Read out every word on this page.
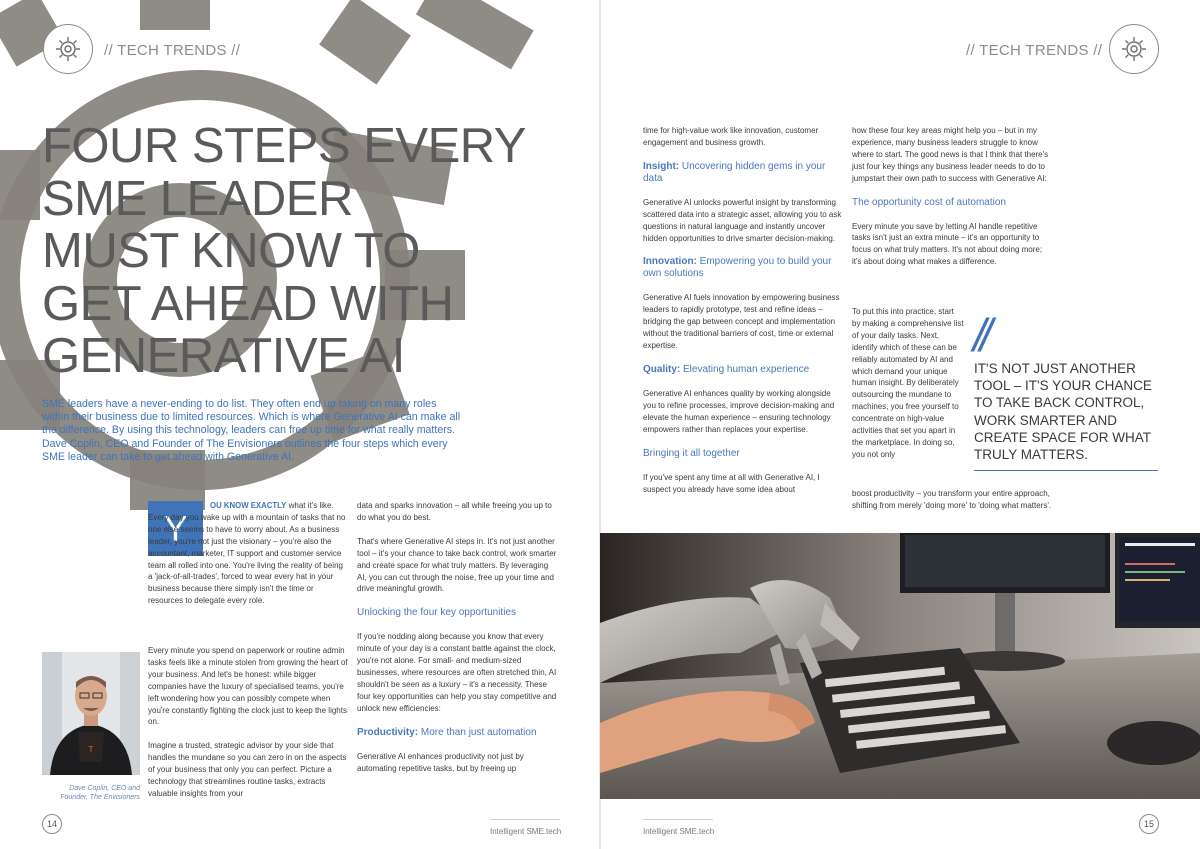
// TECH TRENDS //	// TECH TRENDS //
FOUR STEPS EVERY
SME LEADER
MUST KNOW TO
GET AHEAD WITH
GENERATIVE AI

SME leaders have a never-ending to do list. They often end up taking on many roles within their business due to limited resources. Which is where Generative AI can make all the difference. By using this technology, leaders can free up time for what really matters. Dave Coplin, CEO and Founder of The Envisioners outlines the four steps which every SME leader can take to get ahead with Generative AI.

Y

OU KNOW EXACTLY what it's like. Every day you wake up with a mountain of tasks that no one else seems to have to worry about. As a business leader, you're not just the visionary – you're also the accountant, marketer, IT support and customer service team all rolled into one. You're living the reality of being a 'jack-of-all-trades', forced to wear every hat in your business because there simply isn't the time or resources to delegate every role.

Every minute you spend on paperwork or routine admin tasks feels like a minute stolen from growing the heart of your business. And let's be honest: while bigger companies have the luxury of specialised teams, you're left wondering how you can possibly compete when you're constantly fighting the clock just to keep the lights on.

Imagine a trusted, strategic advisor by your side that handles the mundane so you can zero in on the aspects of your business that only you can perfect. Picture a technology that streamlines routine tasks, extracts valuable insights from your

T
Dave Coplin, CEO and Founder, The Envisioners

data and sparks innovation – all while freeing you up to do what you do best.

That's where Generative AI steps in. It's not just another tool – it's your chance to take back control, work smarter and create space for what truly matters. By leveraging AI, you can cut through the noise, free up your time and drive meaningful growth.

Unlocking the four key opportunities

If you're nodding along because you know that every minute of your day is a constant battle against the clock, you're not alone. For small- and medium-sized businesses, where resources are often stretched thin, AI shouldn't be seen as a luxury – it's a necessity. These four key opportunities can help you stay competitive and unlock new efficiencies:

Productivity: More than just automation

Generative AI enhances productivity not just by automating repetitive tasks, but by freeing up

time for high-value work like innovation, customer engagement and business growth.

Insight: Uncovering hidden gems in your data

Generative AI unlocks powerful insight by transforming scattered data into a strategic asset, allowing you to ask questions in natural language and instantly uncover hidden opportunities to drive smarter decision-making.

Innovation: Empowering you to build your own solutions

Generative AI fuels innovation by empowering business leaders to rapidly prototype, test and refine ideas – bridging the gap between concept and implementation without the traditional barriers of cost, time or external expertise.

Quality: Elevating human experience

Generative AI enhances quality by working alongside you to refine processes, improve decision-making and elevate the human experience – ensuring technology empowers rather than replaces your expertise.

Bringing it all together

If you've spent any time at all with Generative AI, I suspect you already have some idea about

how these four key areas might help you – but in my experience, many business leaders struggle to know where to start. The good news is that I think that there's just four key things any business leader needs to do to jumpstart their own path to success with Generative AI:

The opportunity cost of automation

Every minute you save by letting AI handle repetitive tasks isn't just an extra minute – it's an opportunity to focus on what truly matters. It's not about doing more; it's about doing what makes a difference.

To put this into practice, start by making a comprehensive list of your daily tasks. Next, identify which of these can be reliably automated by AI and which demand your unique human insight. By deliberately outsourcing the mundane to machines, you free yourself to concentrate on high-value activities that set you apart in the marketplace. In doing so, you not only

boost productivity – you transform your entire approach, shifting from merely 'doing more' to 'doing what matters'.

//

IT'S NOT JUST ANOTHER TOOL – IT'S YOUR CHANCE TO TAKE BACK CONTROL, WORK SMARTER AND CREATE SPACE FOR WHAT TRULY MATTERS.

14
Intelligent SME.tech	Intelligent SME.tech
15
